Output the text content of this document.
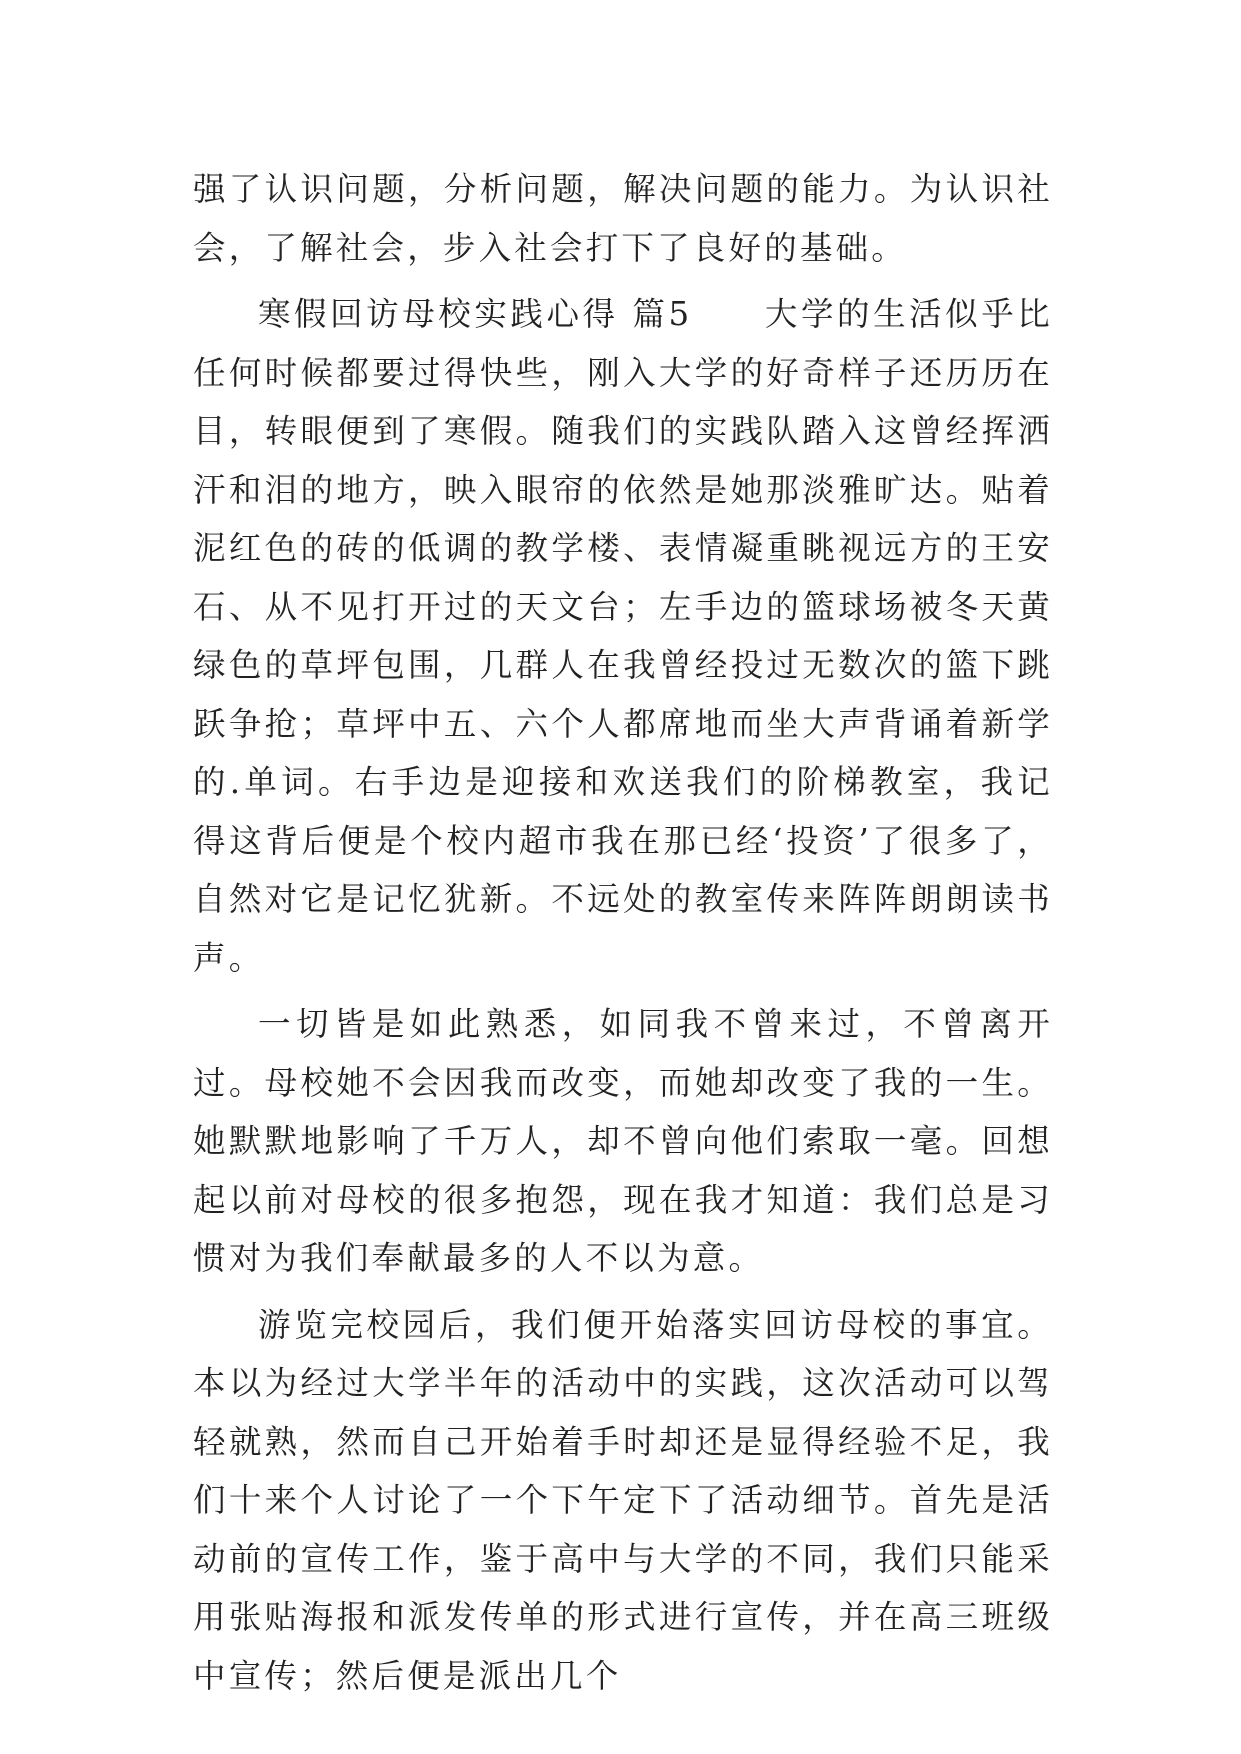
强了认识问题，分析问题，解决问题的能力。为认识社会，了解社会，步入社会打下了良好的基础。

寒假回访母校实践心得 篇5　　大学的生活似乎比任何时候都要过得快些，刚入大学的好奇样子还历历在目，转眼便到了寒假。随我们的实践队踏入这曾经挥洒汗和泪的地方，映入眼帘的依然是她那淡雅旷达。贴着泥红色的砖的低调的教学楼、表情凝重眺视远方的王安石、从不见打开过的天文台；左手边的篮球场被冬天黄绿色的草坪包围，几群人在我曾经投过无数次的篮下跳跃争抢；草坪中五、六个人都席地而坐大声背诵着新学的.单词。右手边是迎接和欢送我们的阶梯教室，我记得这背后便是个校内超市我在那已经‘投资’了很多了，自然对它是记忆犹新。不远处的教室传来阵阵朗朗读书声。

一切皆是如此熟悉，如同我不曾来过，不曾离开过。母校她不会因我而改变，而她却改变了我的一生。她默默地影响了千万人，却不曾向他们索取一毫。回想起以前对母校的很多抱怨，现在我才知道：我们总是习惯对为我们奉献最多的人不以为意。

游览完校园后，我们便开始落实回访母校的事宜。本以为经过大学半年的活动中的实践，这次活动可以驾轻就熟，然而自己开始着手时却还是显得经验不足，我们十来个人讨论了一个下午定下了活动细节。首先是活动前的宣传工作，鉴于高中与大学的不同，我们只能采用张贴海报和派发传单的形式进行宣传，并在高三班级中宣传；然后便是派出几个
